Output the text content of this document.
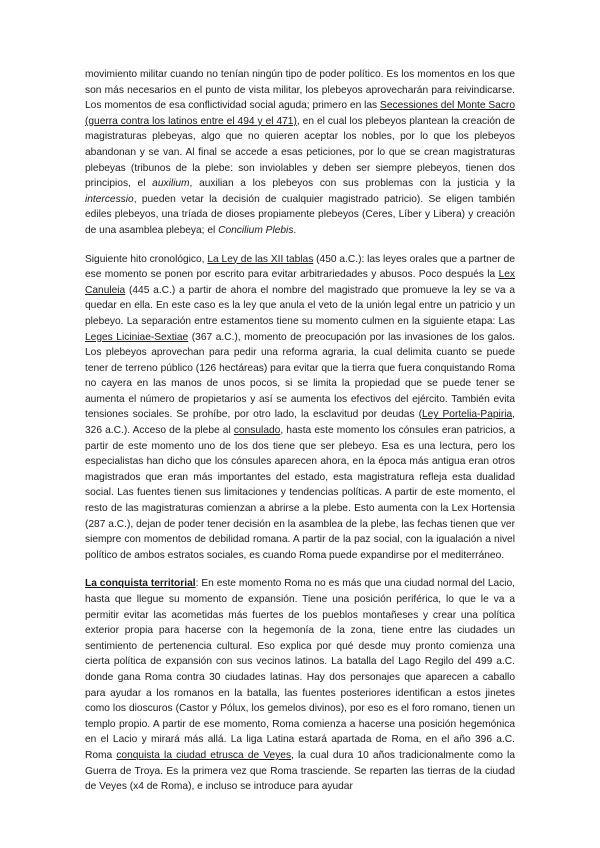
movimiento militar cuando no tenían ningún tipo de poder político. Es los momentos en los que son más necesarios en el punto de vista militar, los plebeyos aprovecharán para reivindicarse. Los momentos de esa conflictividad social aguda; primero en las Secessiones del Monte Sacro (guerra contra los latinos entre el 494 y el 471), en el cual los plebeyos plantean la creación de magistraturas plebeyas, algo que no quieren aceptar los nobles, por lo que los plebeyos abandonan y se van. Al final se accede a esas peticiones, por lo que se crean magistraturas plebeyas (tribunos de la plebe: son inviolables y deben ser siempre plebeyos, tienen dos principios, el auxilium, auxilian a los plebeyos con sus problemas con la justicia y la intercessio, pueden vetar la decisión de cualquier magistrado patricio). Se eligen también ediles plebeyos, una tríada de dioses propiamente plebeyos (Ceres, Líber y Libera) y creación de una asamblea plebeya; el Concilium Plebis.

Siguiente hito cronológico, La Ley de las XII tablas (450 a.C.): las leyes orales que a partner de ese momento se ponen por escrito para evitar arbitrariedades y abusos. Poco después la Lex Canuleia (445 a.C.) a partir de ahora el nombre del magistrado que promueve la ley se va a quedar en ella. En este caso es la ley que anula el veto de la unión legal entre un patricio y un plebeyo. La separación entre estamentos tiene su momento culmen en la siguiente etapa: Las Leges Liciniae-Sextiae (367 a.C.), momento de preocupación por las invasiones de los galos. Los plebeyos aprovechan para pedir una reforma agraria, la cual delimita cuanto se puede tener de terreno público (126 hectáreas) para evitar que la tierra que fuera conquistando Roma no cayera en las manos de unos pocos, si se limita la propiedad que se puede tener se aumenta el número de propietarios y así se aumenta los efectivos del ejército. También evita tensiones sociales. Se prohíbe, por otro lado, la esclavitud por deudas (Ley Portelia-Papiria, 326 a.C.). Acceso de la plebe al consulado, hasta este momento los cónsules eran patricios, a partir de este momento uno de los dos tiene que ser plebeyo. Esa es una lectura, pero los especialistas han dicho que los cónsules aparecen ahora, en la época más antigua eran otros magistrados que eran más importantes del estado, esta magistratura refleja esta dualidad social. Las fuentes tienen sus limitaciones y tendencias políticas. A partir de este momento, el resto de las magistraturas comienzan a abrirse a la plebe. Esto aumenta con la Lex Hortensia (287 a.C.), dejan de poder tener decisión en la asamblea de la plebe, las fechas tienen que ver siempre con momentos de debilidad romana. A partir de la paz social, con la igualación a nivel político de ambos estratos sociales, es cuando Roma puede expandirse por el mediterráneo.

La conquista territorial: En este momento Roma no es más que una ciudad normal del Lacio, hasta que llegue su momento de expansión. Tiene una posición periférica, lo que le va a permitir evitar las acometidas más fuertes de los pueblos montañeses y crear una política exterior propia para hacerse con la hegemonía de la zona, tiene entre las ciudades un sentimiento de pertenencia cultural. Eso explica por qué desde muy pronto comienza una cierta política de expansión con sus vecinos latinos. La batalla del Lago Regilo del 499 a.C. donde gana Roma contra 30 ciudades latinas. Hay dos personajes que aparecen a caballo para ayudar a los romanos en la batalla, las fuentes posteriores identifican a estos jinetes como los dioscuros (Castor y Pólux, los gemelos divinos), por eso es el foro romano, tienen un templo propio. A partir de ese momento, Roma comienza a hacerse una posición hegemónica en el Lacio y mirará más allá. La liga Latina estará apartada de Roma, en el año 396 a.C. Roma conquista la ciudad etrusca de Veyes, la cual dura 10 años tradicionalmente como la Guerra de Troya. Es la primera vez que Roma trasciende. Se reparten las tierras de la ciudad de Veyes (x4 de Roma), e incluso se introduce para ayudar
